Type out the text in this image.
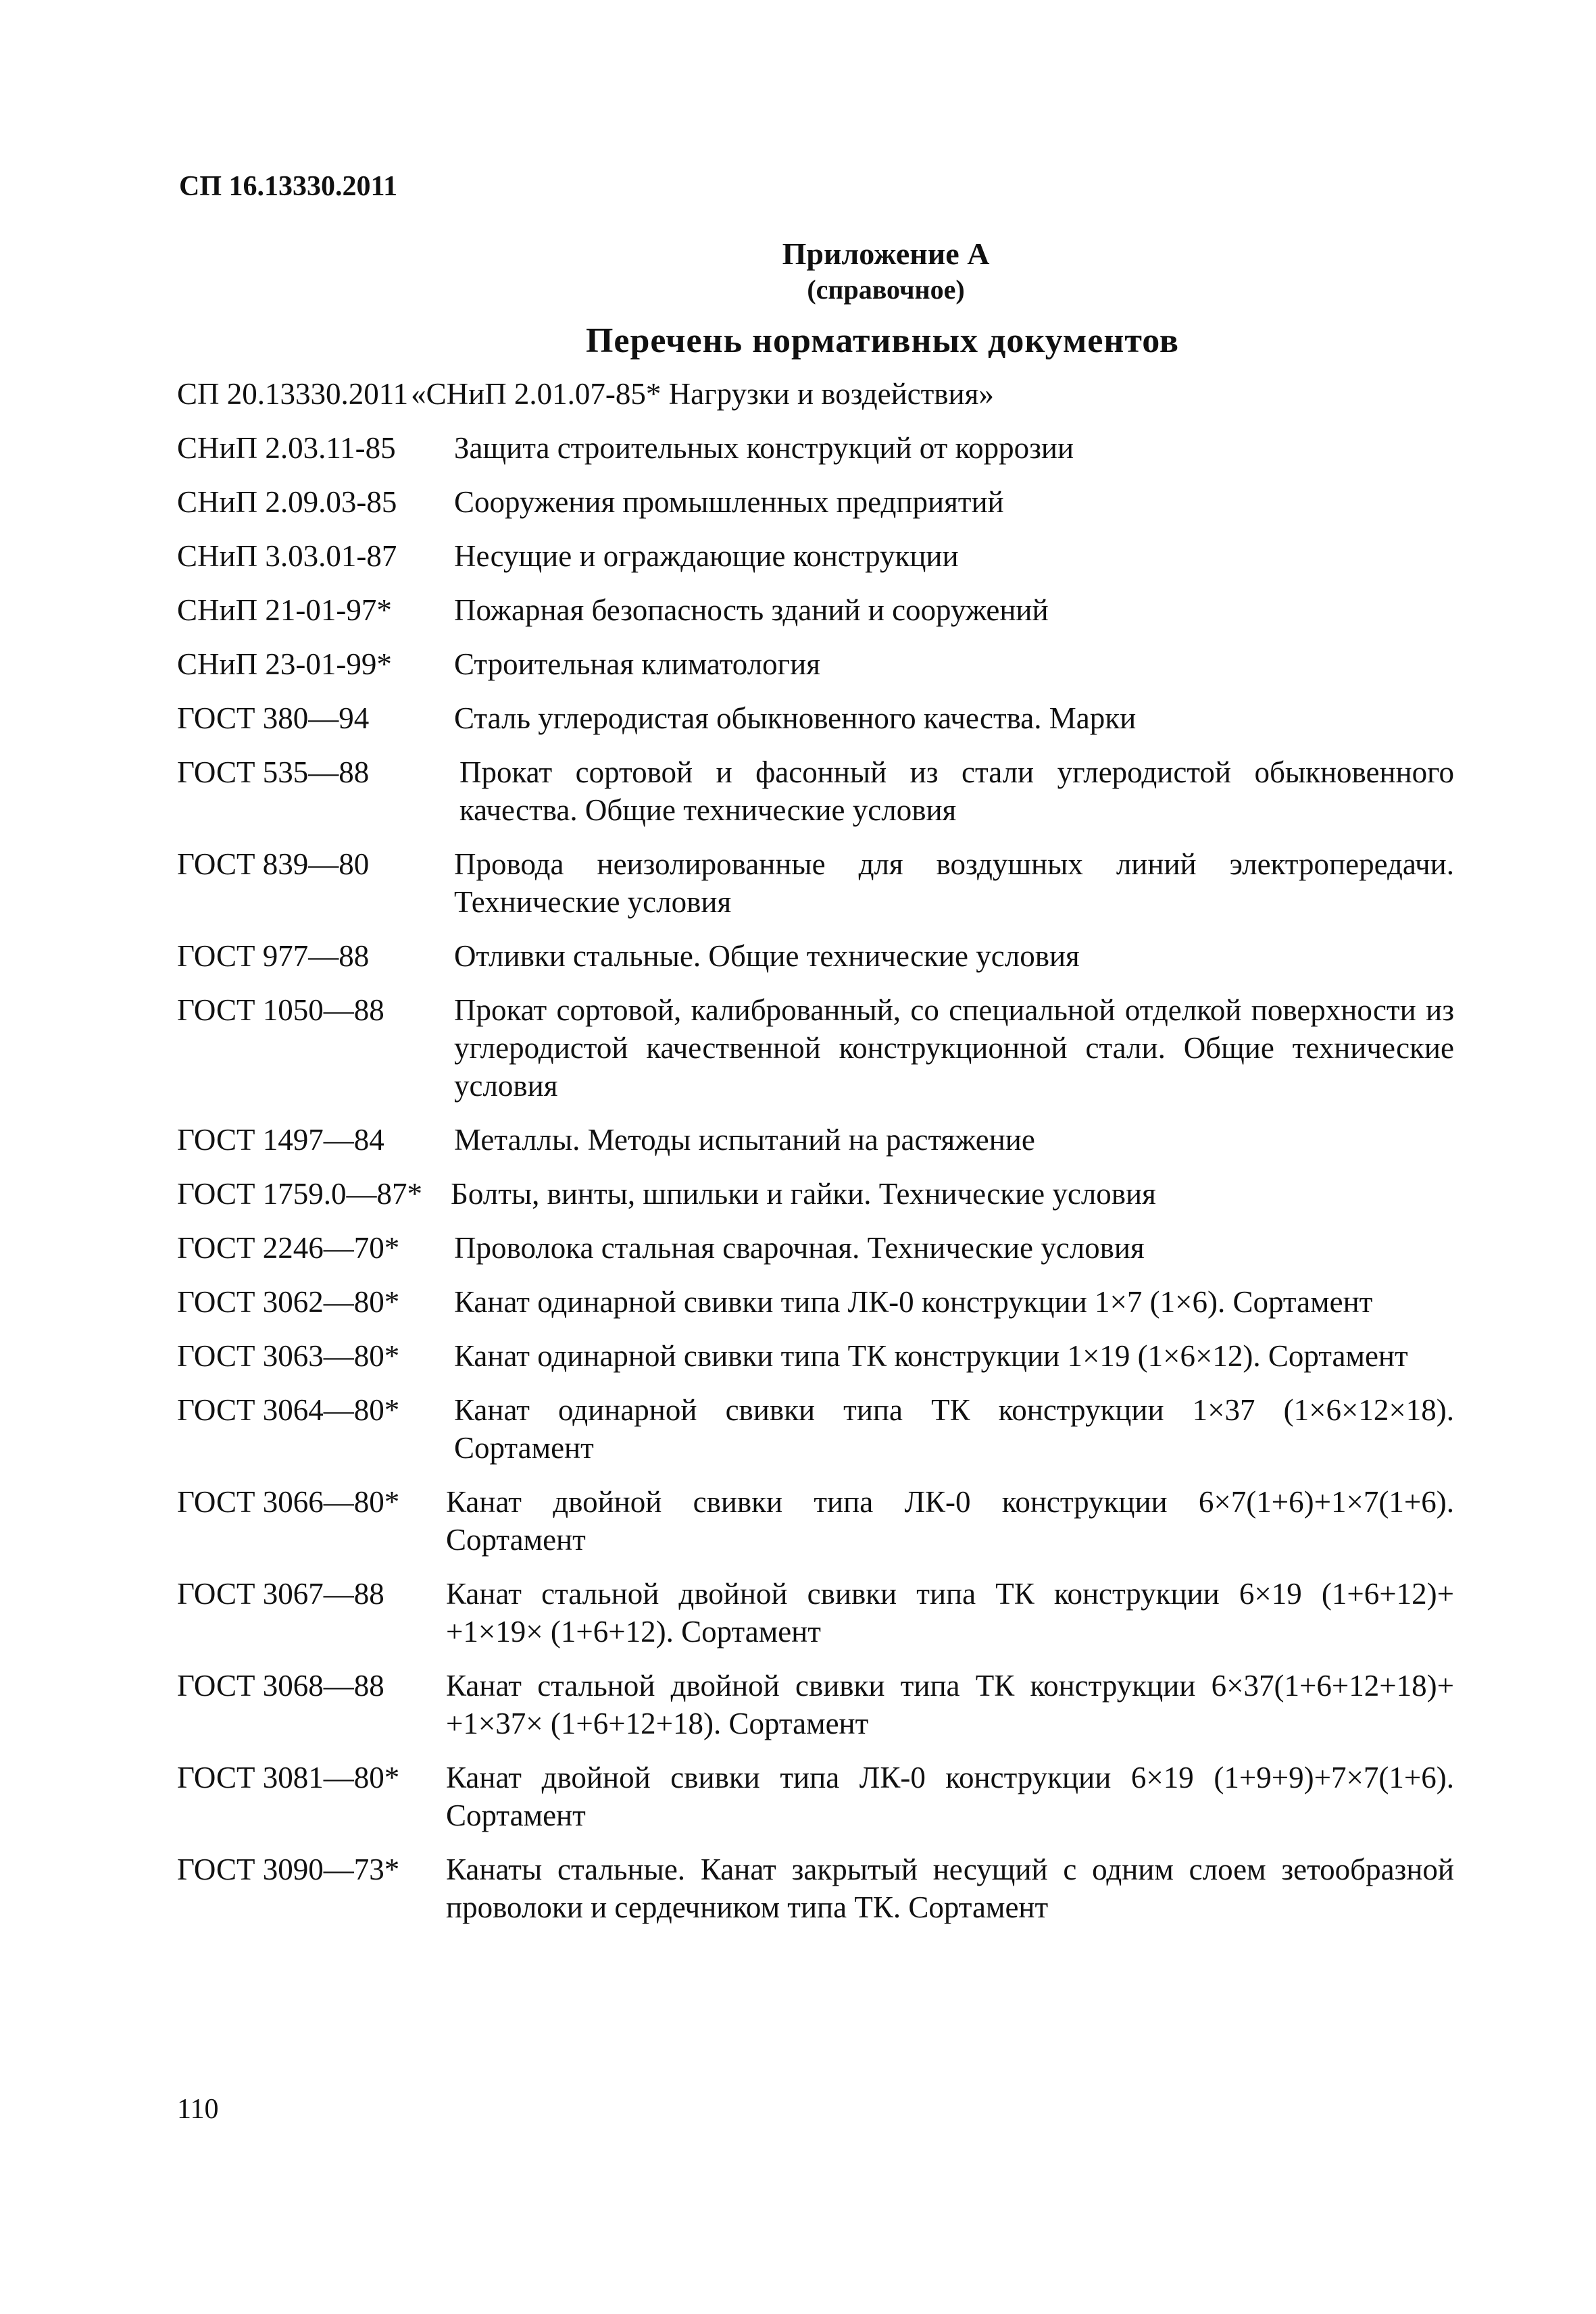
СП 16.13330.2011
Приложение А
(справочное)
Перечень нормативных документов
СП 20.13330.2011 «СНиП 2.01.07-85* Нагрузки и воздействия»
СНиП 2.03.11-85	Защита строительных конструкций от коррозии
СНиП 2.09.03-85	Сооружения промышленных предприятий
СНиП 3.03.01-87	Несущие и ограждающие конструкции
СНиП 21-01-97*	Пожарная безопасность зданий и сооружений
СНиП 23-01-99*	Строительная климатология
ГОСТ 380—94	Сталь углеродистая обыкновенного качества. Марки
ГОСТ 535—88	Прокат сортовой и фасонный из стали углеродистой обыкновенного качества. Общие технические условия
ГОСТ 839—80	Провода неизолированные для воздушных линий электропередачи. Технические условия
ГОСТ 977—88	Отливки стальные. Общие технические условия
ГОСТ 1050—88	Прокат сортовой, калиброванный, со специальной отделкой поверхности из углеродистой качественной конструкционной стали. Общие технические условия
ГОСТ 1497—84	Металлы. Методы испытаний на растяжение
ГОСТ 1759.0—87* Болты, винты, шпильки и гайки. Технические условия
ГОСТ 2246—70*	Проволока стальная сварочная. Технические условия
ГОСТ 3062—80*	Канат одинарной свивки типа ЛК-0 конструкции 1×7 (1×6). Сортамент
ГОСТ 3063—80*	Канат одинарной свивки типа ТК конструкции 1×19 (1×6×12). Сортамент
ГОСТ 3064—80*	Канат одинарной свивки типа ТК конструкции 1×37 (1×6×12×18). Сортамент
ГОСТ 3066—80*	Канат двойной свивки типа ЛК-0 конструкции 6×7(1+6)+1×7(1+6). Сортамент
ГОСТ 3067—88	Канат стальной двойной свивки типа ТК конструкции 6×19 (1+6+12)+ +1×19× (1+6+12). Сортамент
ГОСТ 3068—88	Канат стальной двойной свивки типа ТК конструкции 6×37(1+6+12+18)+ +1×37× (1+6+12+18). Сортамент
ГОСТ 3081—80*	Канат двойной свивки типа ЛК-0 конструкции 6×19 (1+9+9)+7×7(1+6). Сортамент
ГОСТ 3090—73*	Канаты стальные. Канат закрытый несущий с одним слоем зетообразной проволоки и сердечником типа ТК. Сортамент
110
